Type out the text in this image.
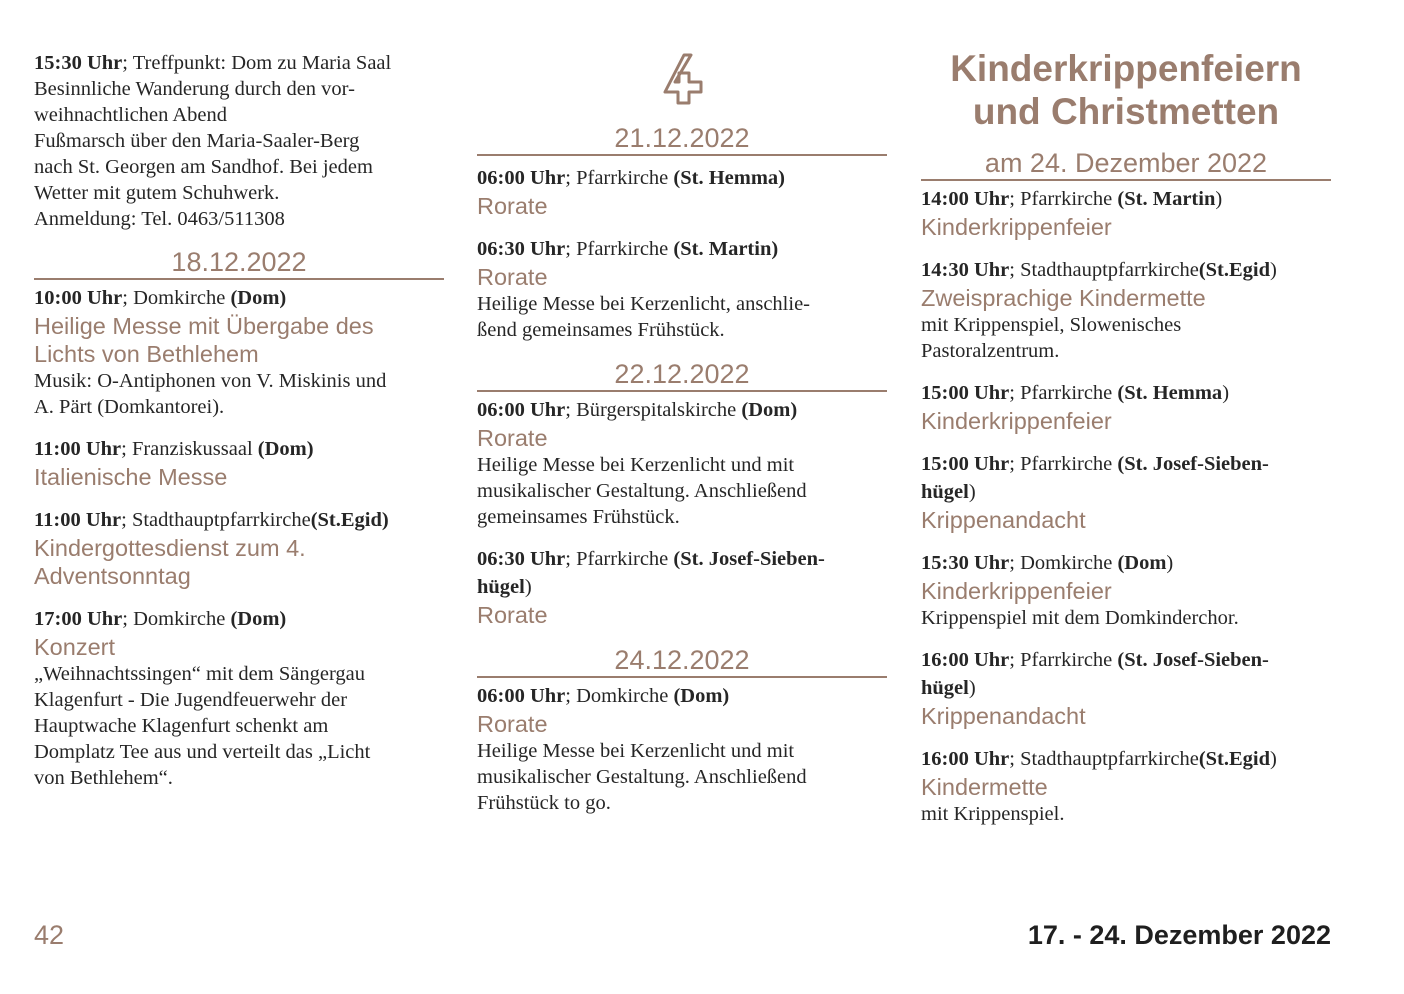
15:30 Uhr; Treffpunkt: Dom zu Maria Saal
Besinnliche Wanderung durch den vor-
weihnachtlichen Abend
Fußmarsch über den Maria-Saaler-Berg
nach St. Georgen am Sandhof. Bei jedem
Wetter mit gutem Schuhwerk.
Anmeldung: Tel. 0463/511308
18.12.2022
10:00 Uhr; Domkirche (Dom)
Heilige Messe mit Übergabe des
Lichts von Bethlehem
Musik: O-Antiphonen von V. Miskinis und
A. Pärt (Domkantorei).
11:00 Uhr; Franziskussaal (Dom)
Italienische Messe
11:00 Uhr; Stadthauptpfarrkirche(St.Egid)
Kindergottesdienst zum 4.
Adventsonntag
17:00 Uhr; Domkirche (Dom)
Konzert
„Weihnachtssingen“ mit dem Sängergau
Klagenfurt - Die Jugendfeuerwehr der
Hauptwache Klagenfurt schenkt am
Domplatz Tee aus und verteilt das „Licht
von Bethlehem“.
21.12.2022
06:00 Uhr; Pfarrkirche (St. Hemma)
Rorate
06:30 Uhr; Pfarrkirche (St. Martin)
Rorate
Heilige Messe bei Kerzenlicht, anschlie-
ßend gemeinsames Frühstück.
22.12.2022
06:00 Uhr; Bürgerspitalskirche (Dom)
Rorate
Heilige Messe bei Kerzenlicht und mit
musikalischer Gestaltung. Anschließend
gemeinsames Frühstück.
06:30 Uhr; Pfarrkirche (St. Josef-Sieben-
hügel)
Rorate
24.12.2022
06:00 Uhr; Domkirche (Dom)
Rorate
Heilige Messe bei Kerzenlicht und mit
musikalischer Gestaltung. Anschließend
Frühstück to go.
Kinderkrippenfeiern
und Christmetten
am 24. Dezember 2022
14:00 Uhr; Pfarrkirche (St. Martin)
Kinderkrippenfeier
14:30 Uhr; Stadthauptpfarrkirche(St.Egid)
Zweisprachige Kindermette
mit Krippenspiel, Slowenisches
Pastoralzentrum.
15:00 Uhr; Pfarrkirche (St. Hemma)
Kinderkrippenfeier
15:00 Uhr; Pfarrkirche (St. Josef-Sieben-
hügel)
Krippenandacht
15:30 Uhr; Domkirche (Dom)
Kinderkrippenfeier
Krippenspiel mit dem Domkinderchor.
16:00 Uhr; Pfarrkirche (St. Josef-Sieben-
hügel)
Krippenandacht
16:00 Uhr; Stadthauptpfarrkirche(St.Egid)
Kindermette
mit Krippenspiel.
42	17. - 24. Dezember 2022
